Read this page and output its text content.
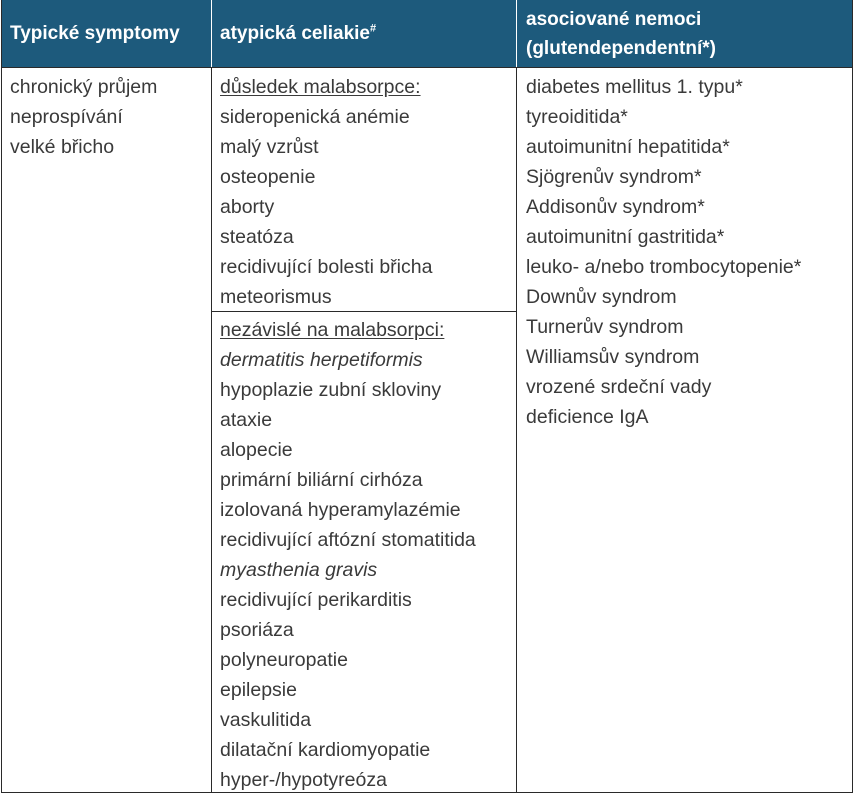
Typické symptomy atypická celiakie#	asociované nemoci
(glutendependentní*)
chronický průjem
neprospívání
velké břicho
důsledek malabsorpce:
sideropenická anémie
malý vzrůst
osteopenie
aborty
steatóza
recidivující bolesti břicha
meteorismus
nezávislé na malabsorpci:
dermatitis herpetiformis
hypoplazie zubní skloviny
ataxie
alopecie
primární biliární cirhóza
izolovaná hyperamylazémie
recidivující aftózní stomatitida
myasthenia gravis
recidivující perikarditis
psoriáza
polyneuropatie
epilepsie
vaskulitida
dilatační kardiomyopatie
hyper-/hypotyreóza
diabetes mellitus 1. typu*
tyreoiditida*
autoimunitní hepatitida*
Sjögrenův syndrom*
Addisonův syndrom*
autoimunitní gastritida*
leuko- a/nebo trombocytopenie*
Downův syndrom
Turnerův syndrom
Williamsův syndrom
vrozené srdeční vady
deficience IgA
